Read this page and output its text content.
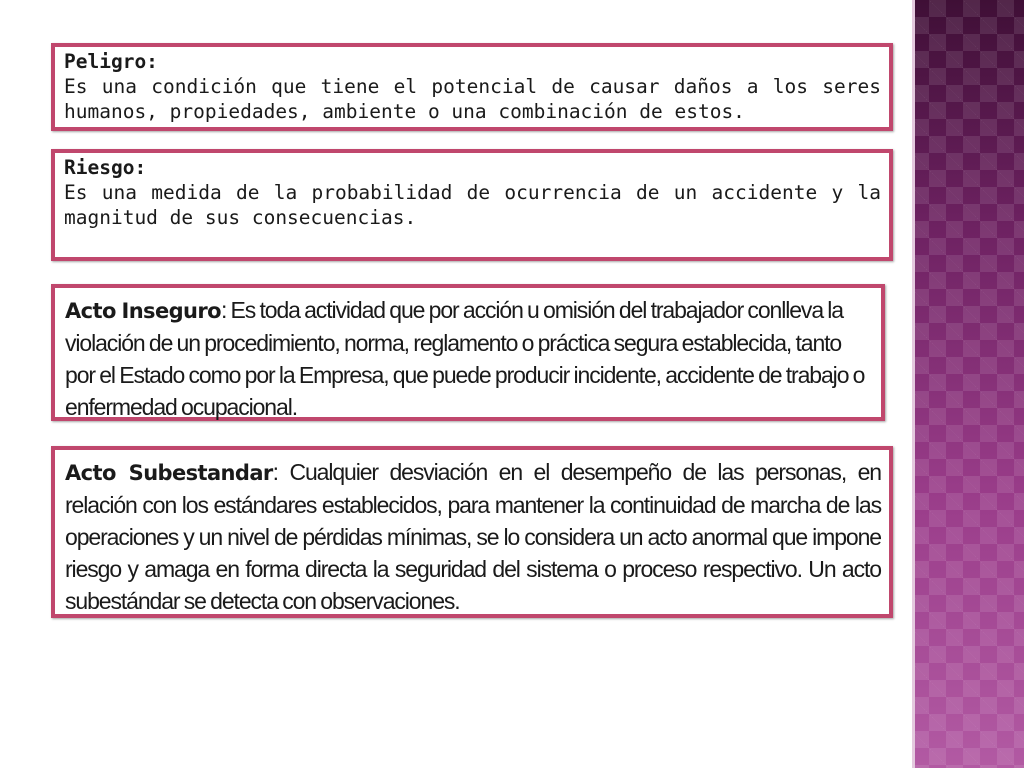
Peligro:
Es una condición que tiene el potencial de causar daños a los seres humanos, propiedades, ambiente o una combinación de estos.
Riesgo:
Es una medida de la probabilidad de ocurrencia de un accidente y la magnitud de sus consecuencias.
Acto Inseguro: Es toda actividad que por acción u omisión del trabajador conlleva la violación de un procedimiento, norma, reglamento o práctica segura establecida, tanto por el Estado como por la Empresa, que puede producir incidente, accidente de trabajo o enfermedad ocupacional.
Acto Subestandar: Cualquier desviación en el desempeño de las personas, en relación con los estándares establecidos, para mantener la continuidad de marcha de las operaciones y un nivel de pérdidas mínimas, se lo considera un acto anormal que impone riesgo y amaga en forma directa la seguridad del sistema o proceso respectivo. Un acto subestándar se detecta con observaciones.
